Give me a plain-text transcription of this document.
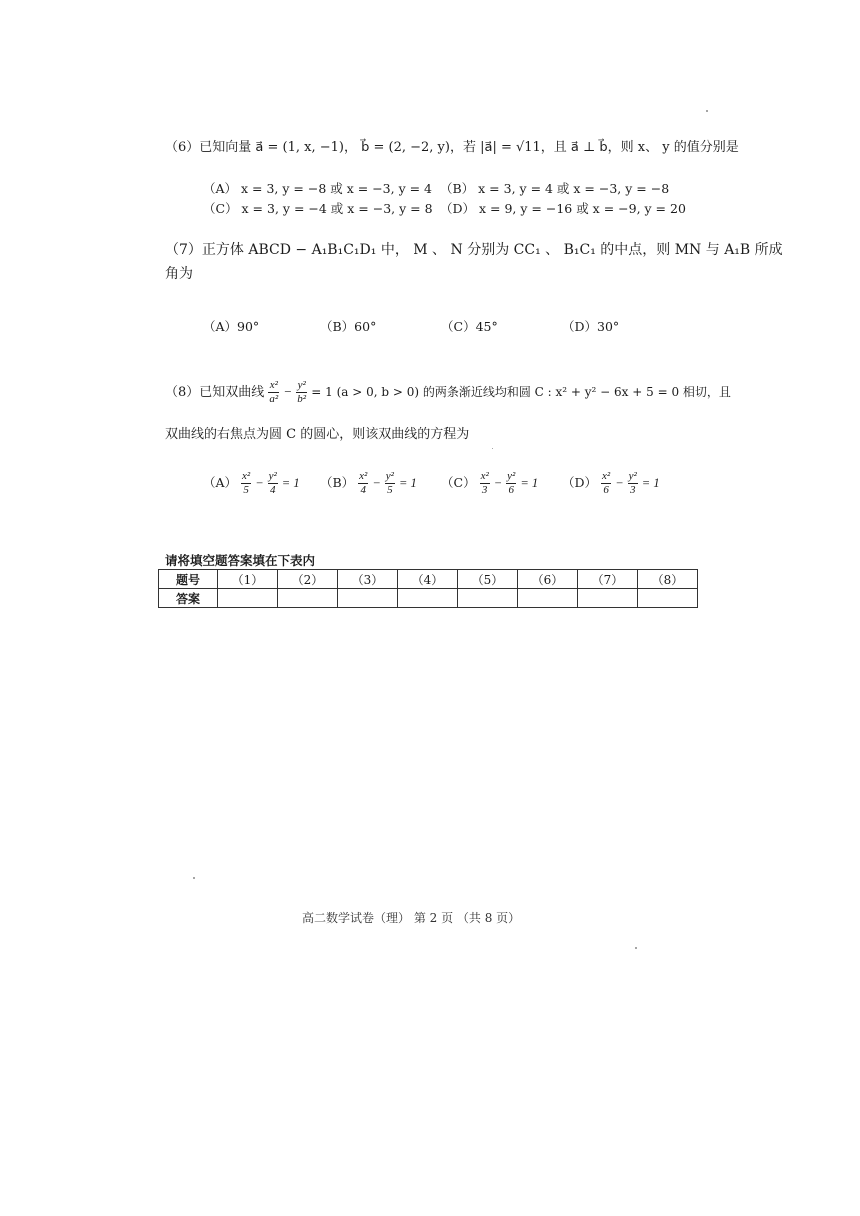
（6）已知向量 a⃗ = (1, x, −1)， b⃗ = (2, −2, y)，若 |a⃗| = √11，且 a⃗ ⊥ b⃗，则 x、 y 的值分别是
（A） x = 3, y = −8 或 x = −3, y = 4 （B） x = 3, y = 4 或 x = −3, y = −8
（C） x = 3, y = −4 或 x = −3, y = 8 （D） x = 9, y = −16 或 x = −9, y = 20
（7）正方体 ABCD − A₁B₁C₁D₁ 中， M 、 N 分别为 CC₁ 、 B₁C₁ 的中点，则 MN 与 A₁B 所成
角为
（A）90°	（B）60°	（C）45°	（D）30°
（8）已知双曲线 $\frac{\text{x²}}{\text{a²}} - \frac{\text{y²}}{\text{b²}} = 1$ (a > 0, b > 0) 的两条渐近线均和圆 C : x² + y² − 6x + 5 = 0 相切，且
双曲线的右焦点为圆 C 的圆心，则该双曲线的方程为
$(A) \frac{\text{x²}}{5} - \frac{\text{y²}}{4} = 1$ $(B) \frac{\text{x²}}{4} - \frac{\text{y²}}{5} = 1$ $(C) \frac{\text{x²}}{3} - \frac{\text{y²}}{6} = 1$ $(D) \frac{\text{x²}}{6} - \frac{\text{y²}}{3} = 1$
请将填空题答案填在下表内
题号	（1）	（2）	（3）	（4）	（5）	（6）	（7）	（8）
答案								
高二数学试卷（理） 第 2 页 （共 8 页）
